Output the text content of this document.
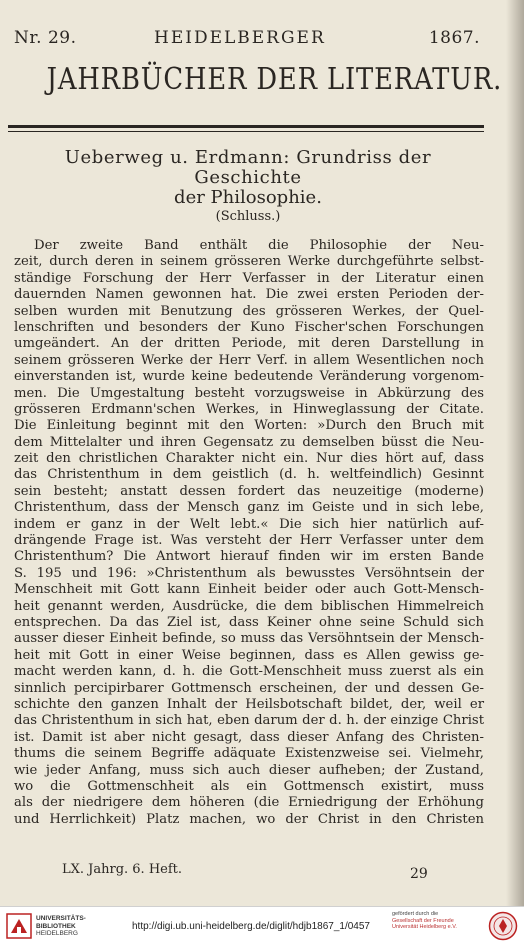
Nr. 29.	HEIDELBERGER	1867.
JAHRBÜCHER DER LITERATUR.
Ueberweg u. Erdmann: Grundriss der Geschichte
der Philosophie.
(Schluss.)
Der zweite Band enthält die Philosophie der Neu-
zeit, durch deren in seinem grösseren Werke durchgeführte selbst-
ständige Forschung der Herr Verfasser in der Literatur einen
dauernden Namen gewonnen hat. Die zwei ersten Perioden der-
selben wurden mit Benutzung des grösseren Werkes, der Quel-
lenschriften und besonders der Kuno Fischer'schen Forschungen
umgeändert. An der dritten Periode, mit deren Darstellung in
seinem grösseren Werke der Herr Verf. in allem Wesentlichen noch
einverstanden ist, wurde keine bedeutende Veränderung vorgenom-
men. Die Umgestaltung besteht vorzugsweise in Abkürzung des
grösseren Erdmann'schen Werkes, in Hinweglassung der Citate.
Die Einleitung beginnt mit den Worten: »Durch den Bruch mit
dem Mittelalter und ihren Gegensatz zu demselben büsst die Neu-
zeit den christlichen Charakter nicht ein. Nur dies hört auf, dass
das Christenthum in dem geistlich (d. h. weltfeindlich) Gesinnt
sein besteht; anstatt dessen fordert das neuzeitige (moderne)
Christenthum, dass der Mensch ganz im Geiste und in sich lebe,
indem er ganz in der Welt lebt.« Die sich hier natürlich auf-
drängende Frage ist. Was versteht der Herr Verfasser unter dem
Christenthum? Die Antwort hierauf finden wir im ersten Bande
S. 195 und 196: »Christenthum als bewusstes Versöhntsein der
Menschheit mit Gott kann Einheit beider oder auch Gott-Mensch-
heit genannt werden, Ausdrücke, die dem biblischen Himmelreich
entsprechen. Da das Ziel ist, dass Keiner ohne seine Schuld sich
ausser dieser Einheit befinde, so muss das Versöhntsein der Mensch-
heit mit Gott in einer Weise beginnen, dass es Allen gewiss ge-
macht werden kann, d. h. die Gott-Menschheit muss zuerst als ein
sinnlich percipirbarer Gottmensch erscheinen, der und dessen Ge-
schichte den ganzen Inhalt der Heilsbotschaft bildet, der, weil er
das Christenthum in sich hat, eben darum der d. h. der einzige Christ
ist. Damit ist aber nicht gesagt, dass dieser Anfang des Christen-
thums die seinem Begriffe adäquate Existenzweise sei. Vielmehr,
wie jeder Anfang, muss sich auch dieser aufheben; der Zustand,
wo die Gottmenschheit als ein Gottmensch existirt, muss
als der niedrigere dem höheren (die Erniedrigung der Erhöhung
und Herrlichkeit) Platz machen, wo der Christ in den Christen
LX. Jahrg. 6. Heft.	29
UNIVERSITÄTS-
BIBLIOTHEK
HEIDELBERG
http://digi.ub.uni-heidelberg.de/diglit/hdjb1867_1/0457
gefördert durch die
Gesellschaft der Freunde
Universität Heidelberg e.V.
